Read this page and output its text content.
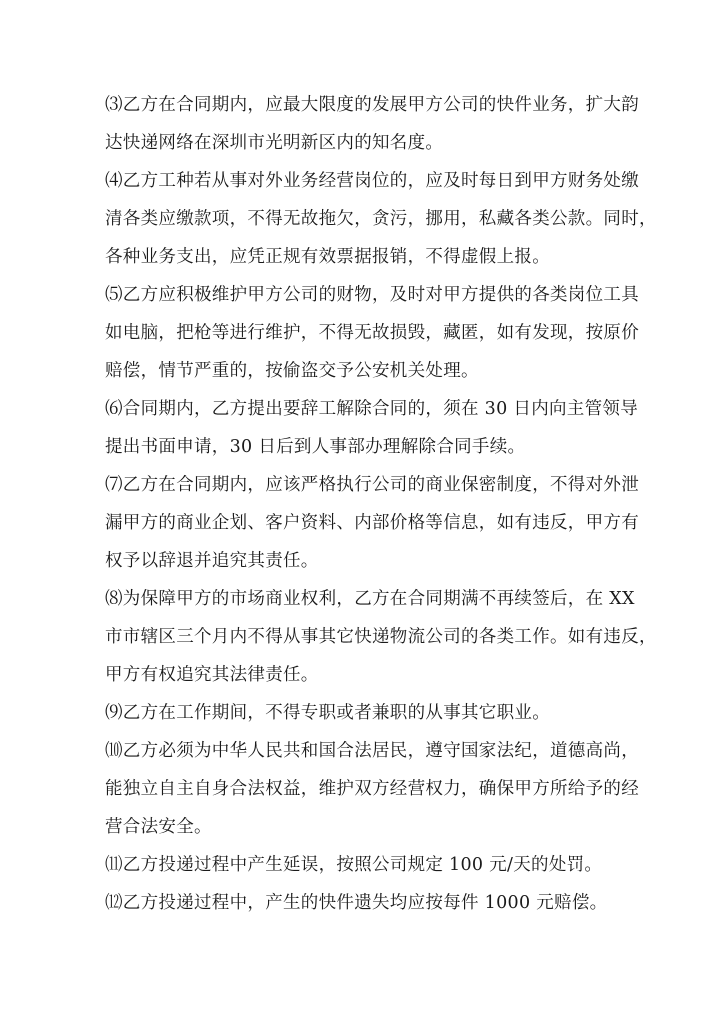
⑶乙方在合同期内，应最大限度的发展甲方公司的快件业务，扩大韵
达快递网络在深圳市光明新区内的知名度。

⑷乙方工种若从事对外业务经营岗位的，应及时每日到甲方财务处缴
清各类应缴款项，不得无故拖欠，贪污，挪用，私藏各类公款。同时，
各种业务支出，应凭正规有效票据报销，不得虚假上报。

⑸乙方应积极维护甲方公司的财物，及时对甲方提供的各类岗位工具
如电脑，把枪等进行维护，不得无故损毁，藏匿，如有发现，按原价
赔偿，情节严重的，按偷盗交予公安机关处理。

⑹合同期内，乙方提出要辞工解除合同的，须在 30 日内向主管领导
提出书面申请，30 日后到人事部办理解除合同手续。

⑺乙方在合同期内，应该严格执行公司的商业保密制度，不得对外泄
漏甲方的商业企划、客户资料、内部价格等信息，如有违反，甲方有
权予以辞退并追究其责任。

⑻为保障甲方的市场商业权利，乙方在合同期满不再续签后，在 XX
市市辖区三个月内不得从事其它快递物流公司的各类工作。如有违反，
甲方有权追究其法律责任。

⑼乙方在工作期间，不得专职或者兼职的从事其它职业。

⑽乙方必须为中华人民共和国合法居民，遵守国家法纪，道德高尚，
能独立自主自身合法权益，维护双方经营权力，确保甲方所给予的经
营合法安全。

⑾乙方投递过程中产生延误，按照公司规定 100 元/天的处罚。

⑿乙方投递过程中，产生的快件遗失均应按每件 1000 元赔偿。
